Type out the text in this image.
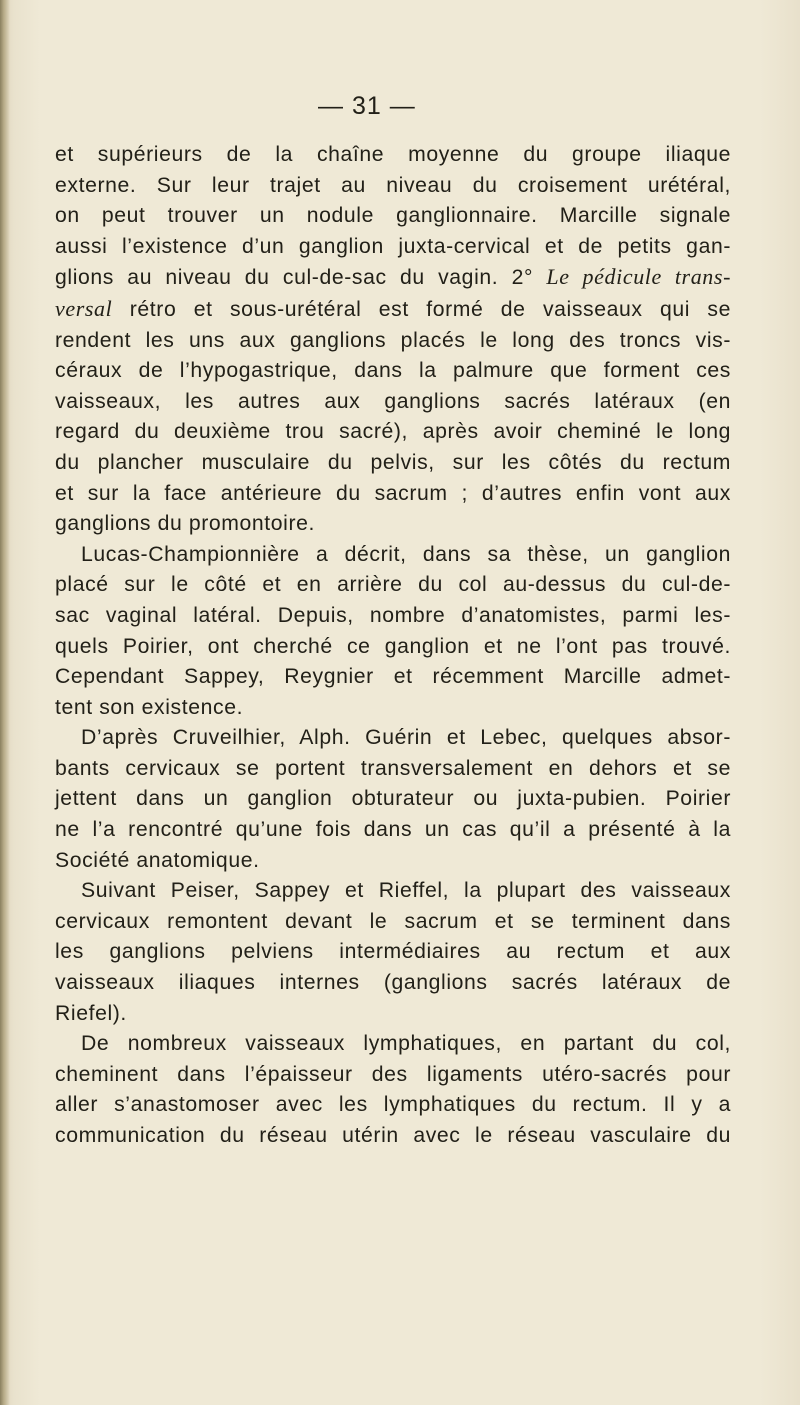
— 31 —
et supérieurs de la chaîne moyenne du groupe iliaque
externe. Sur leur trajet au niveau du croisement urétéral,
on peut trouver un nodule ganglionnaire. Marcille signale
aussi l’existence d’un ganglion juxta-cervical et de petits gan-
glions au niveau du cul-de-sac du vagin. 2° Le pédicule trans-
versal rétro et sous-urétéral est formé de vaisseaux qui se
rendent les uns aux ganglions placés le long des troncs vis-
céraux de l’hypogastrique, dans la palmure que forment ces
vaisseaux, les autres aux ganglions sacrés latéraux (en
regard du deuxième trou sacré), après avoir cheminé le long
du plancher musculaire du pelvis, sur les côtés du rectum
et sur la face antérieure du sacrum ; d’autres enfin vont aux
ganglions du promontoire.
Lucas-Championnière a décrit, dans sa thèse, un ganglion
placé sur le côté et en arrière du col au-dessus du cul-de-
sac vaginal latéral. Depuis, nombre d’anatomistes, parmi les-
quels Poirier, ont cherché ce ganglion et ne l’ont pas trouvé.
Cependant Sappey, Reygnier et récemment Marcille admet-
tent son existence.
D’après Cruveilhier, Alph. Guérin et Lebec, quelques absor-
bants cervicaux se portent transversalement en dehors et se
jettent dans un ganglion obturateur ou juxta-pubien. Poirier
ne l’a rencontré qu’une fois dans un cas qu’il a présenté à la
Société anatomique.
Suivant Peiser, Sappey et Rieffel, la plupart des vaisseaux
cervicaux remontent devant le sacrum et se terminent dans
les ganglions pelviens intermédiaires au rectum et aux
vaisseaux iliaques internes (ganglions sacrés latéraux de
Riefel).
De nombreux vaisseaux lymphatiques, en partant du col,
cheminent dans l’épaisseur des ligaments utéro-sacrés pour
aller s’anastomoser avec les lymphatiques du rectum. Il y a
communication du réseau utérin avec le réseau vasculaire du
